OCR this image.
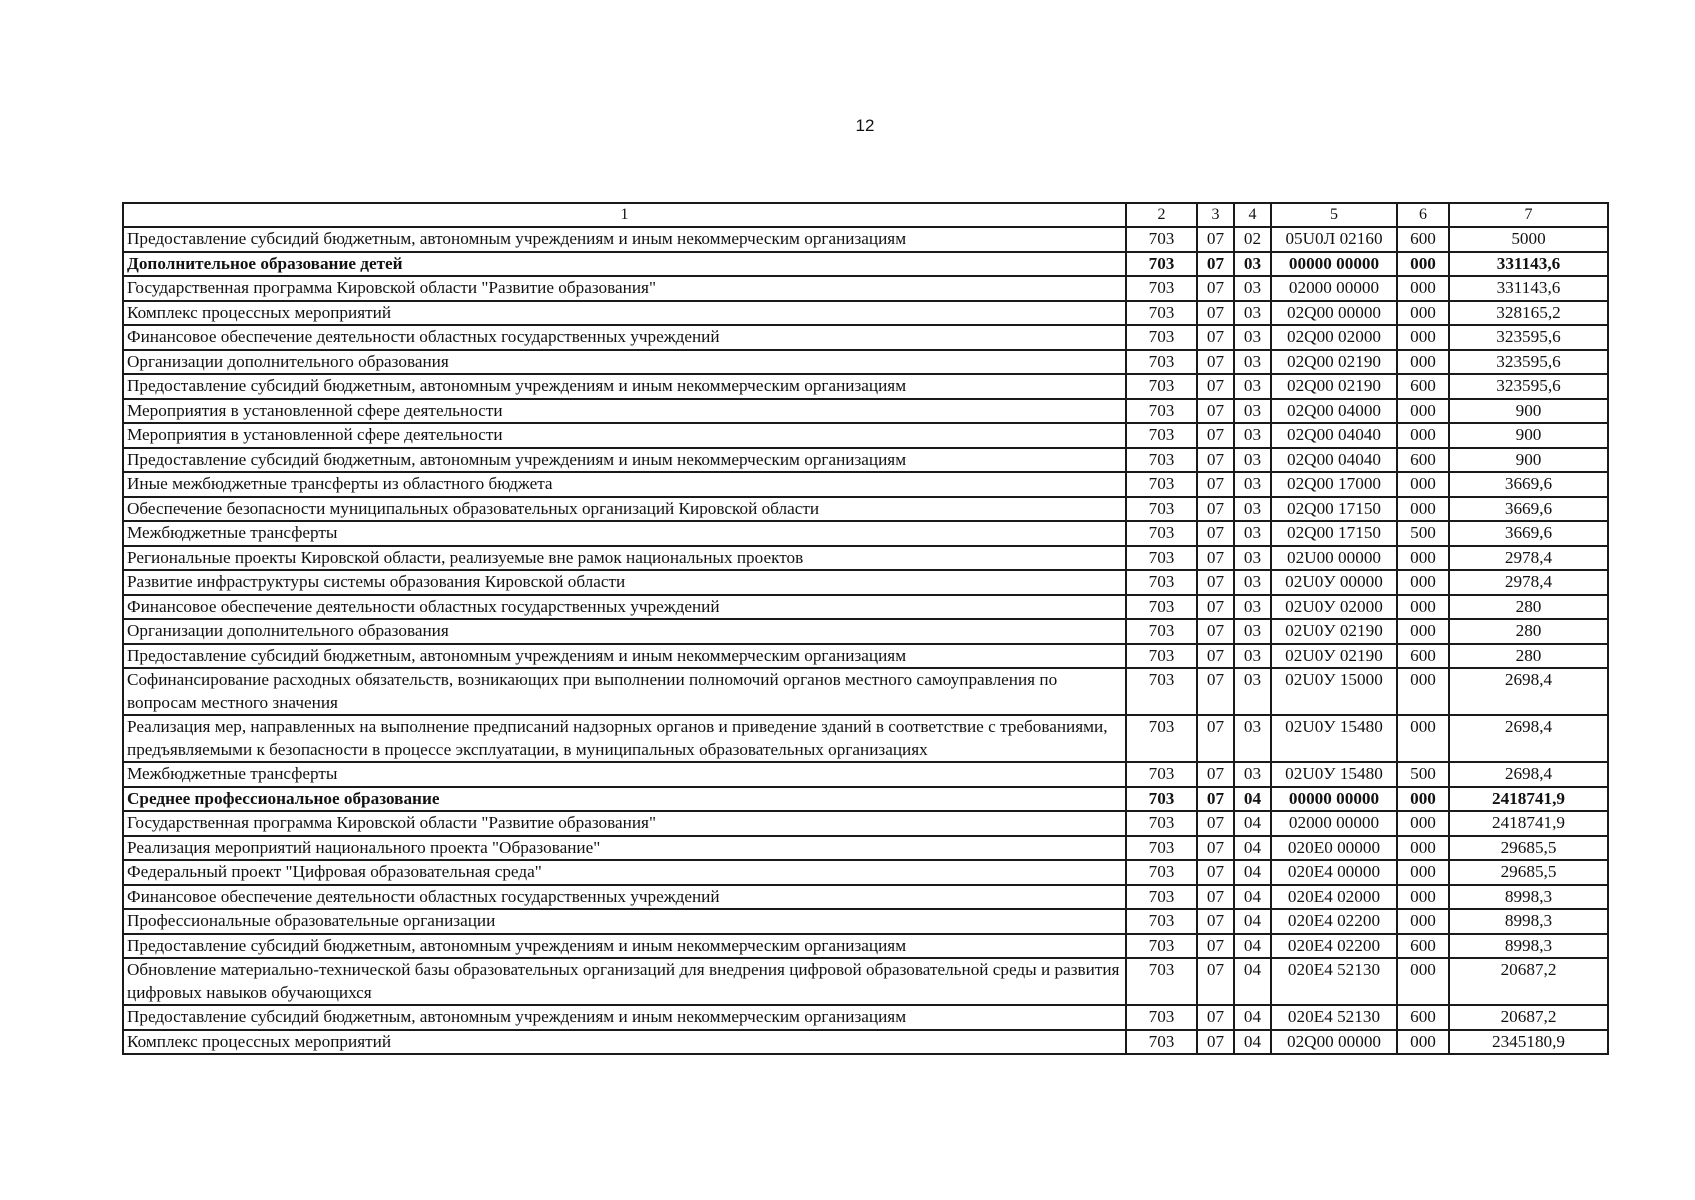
12
1	2	3	4	5	6	7
Предоставление субсидий бюджетным, автономным учреждениям и иным некоммерческим организациям	703	07	02	05U0Л 02160	600	5000
Дополнительное образование детей	703	07	03	00000 00000	000	331143,6
Государственная программа Кировской области "Развитие образования"	703	07	03	02000 00000	000	331143,6
Комплекс процессных мероприятий	703	07	03	02Q00 00000	000	328165,2
Финансовое обеспечение деятельности областных государственных учреждений	703	07	03	02Q00 02000	000	323595,6
Организации дополнительного образования	703	07	03	02Q00 02190	000	323595,6
Предоставление субсидий бюджетным, автономным учреждениям и иным некоммерческим организациям	703	07	03	02Q00 02190	600	323595,6
Мероприятия в установленной сфере деятельности	703	07	03	02Q00 04000	000	900
Мероприятия в установленной сфере деятельности	703	07	03	02Q00 04040	000	900
Предоставление субсидий бюджетным, автономным учреждениям и иным некоммерческим организациям	703	07	03	02Q00 04040	600	900
Иные межбюджетные трансферты из областного бюджета	703	07	03	02Q00 17000	000	3669,6
Обеспечение безопасности муниципальных образовательных организаций Кировской области	703	07	03	02Q00 17150	000	3669,6
Межбюджетные трансферты	703	07	03	02Q00 17150	500	3669,6
Региональные проекты Кировской области, реализуемые вне рамок национальных проектов	703	07	03	02U00 00000	000	2978,4
Развитие инфраструктуры системы образования Кировской области	703	07	03	02U0У 00000	000	2978,4
Финансовое обеспечение деятельности областных государственных учреждений	703	07	03	02U0У 02000	000	280
Организации дополнительного образования	703	07	03	02U0У 02190	000	280
Предоставление субсидий бюджетным, автономным учреждениям и иным некоммерческим организациям	703	07	03	02U0У 02190	600	280
Софинансирование расходных обязательств, возникающих при выполнении полномочий органов местного самоуправления по вопросам местного значения	703	07	03	02U0У 15000	000	2698,4
Реализация мер, направленных на выполнение предписаний надзорных органов и приведение зданий в соответствие с требованиями, предъявляемыми к безопасности в процессе эксплуатации, в муниципальных образовательных организациях	703	07	03	02U0У 15480	000	2698,4
Межбюджетные трансферты	703	07	03	02U0У 15480	500	2698,4
Среднее профессиональное образование	703	07	04	00000 00000	000	2418741,9
Государственная программа Кировской области "Развитие образования"	703	07	04	02000 00000	000	2418741,9
Реализация мероприятий национального проекта "Образование"	703	07	04	020E0 00000	000	29685,5
Федеральный проект "Цифровая образовательная среда"	703	07	04	020E4 00000	000	29685,5
Финансовое обеспечение деятельности областных государственных учреждений	703	07	04	020E4 02000	000	8998,3
Профессиональные образовательные организации	703	07	04	020E4 02200	000	8998,3
Предоставление субсидий бюджетным, автономным учреждениям и иным некоммерческим организациям	703	07	04	020E4 02200	600	8998,3
Обновление материально-технической базы образовательных организаций для внедрения цифровой образовательной среды и развития цифровых навыков обучающихся	703	07	04	020E4 52130	000	20687,2
Предоставление субсидий бюджетным, автономным учреждениям и иным некоммерческим организациям	703	07	04	020E4 52130	600	20687,2
Комплекс процессных мероприятий	703	07	04	02Q00 00000	000	2345180,9
